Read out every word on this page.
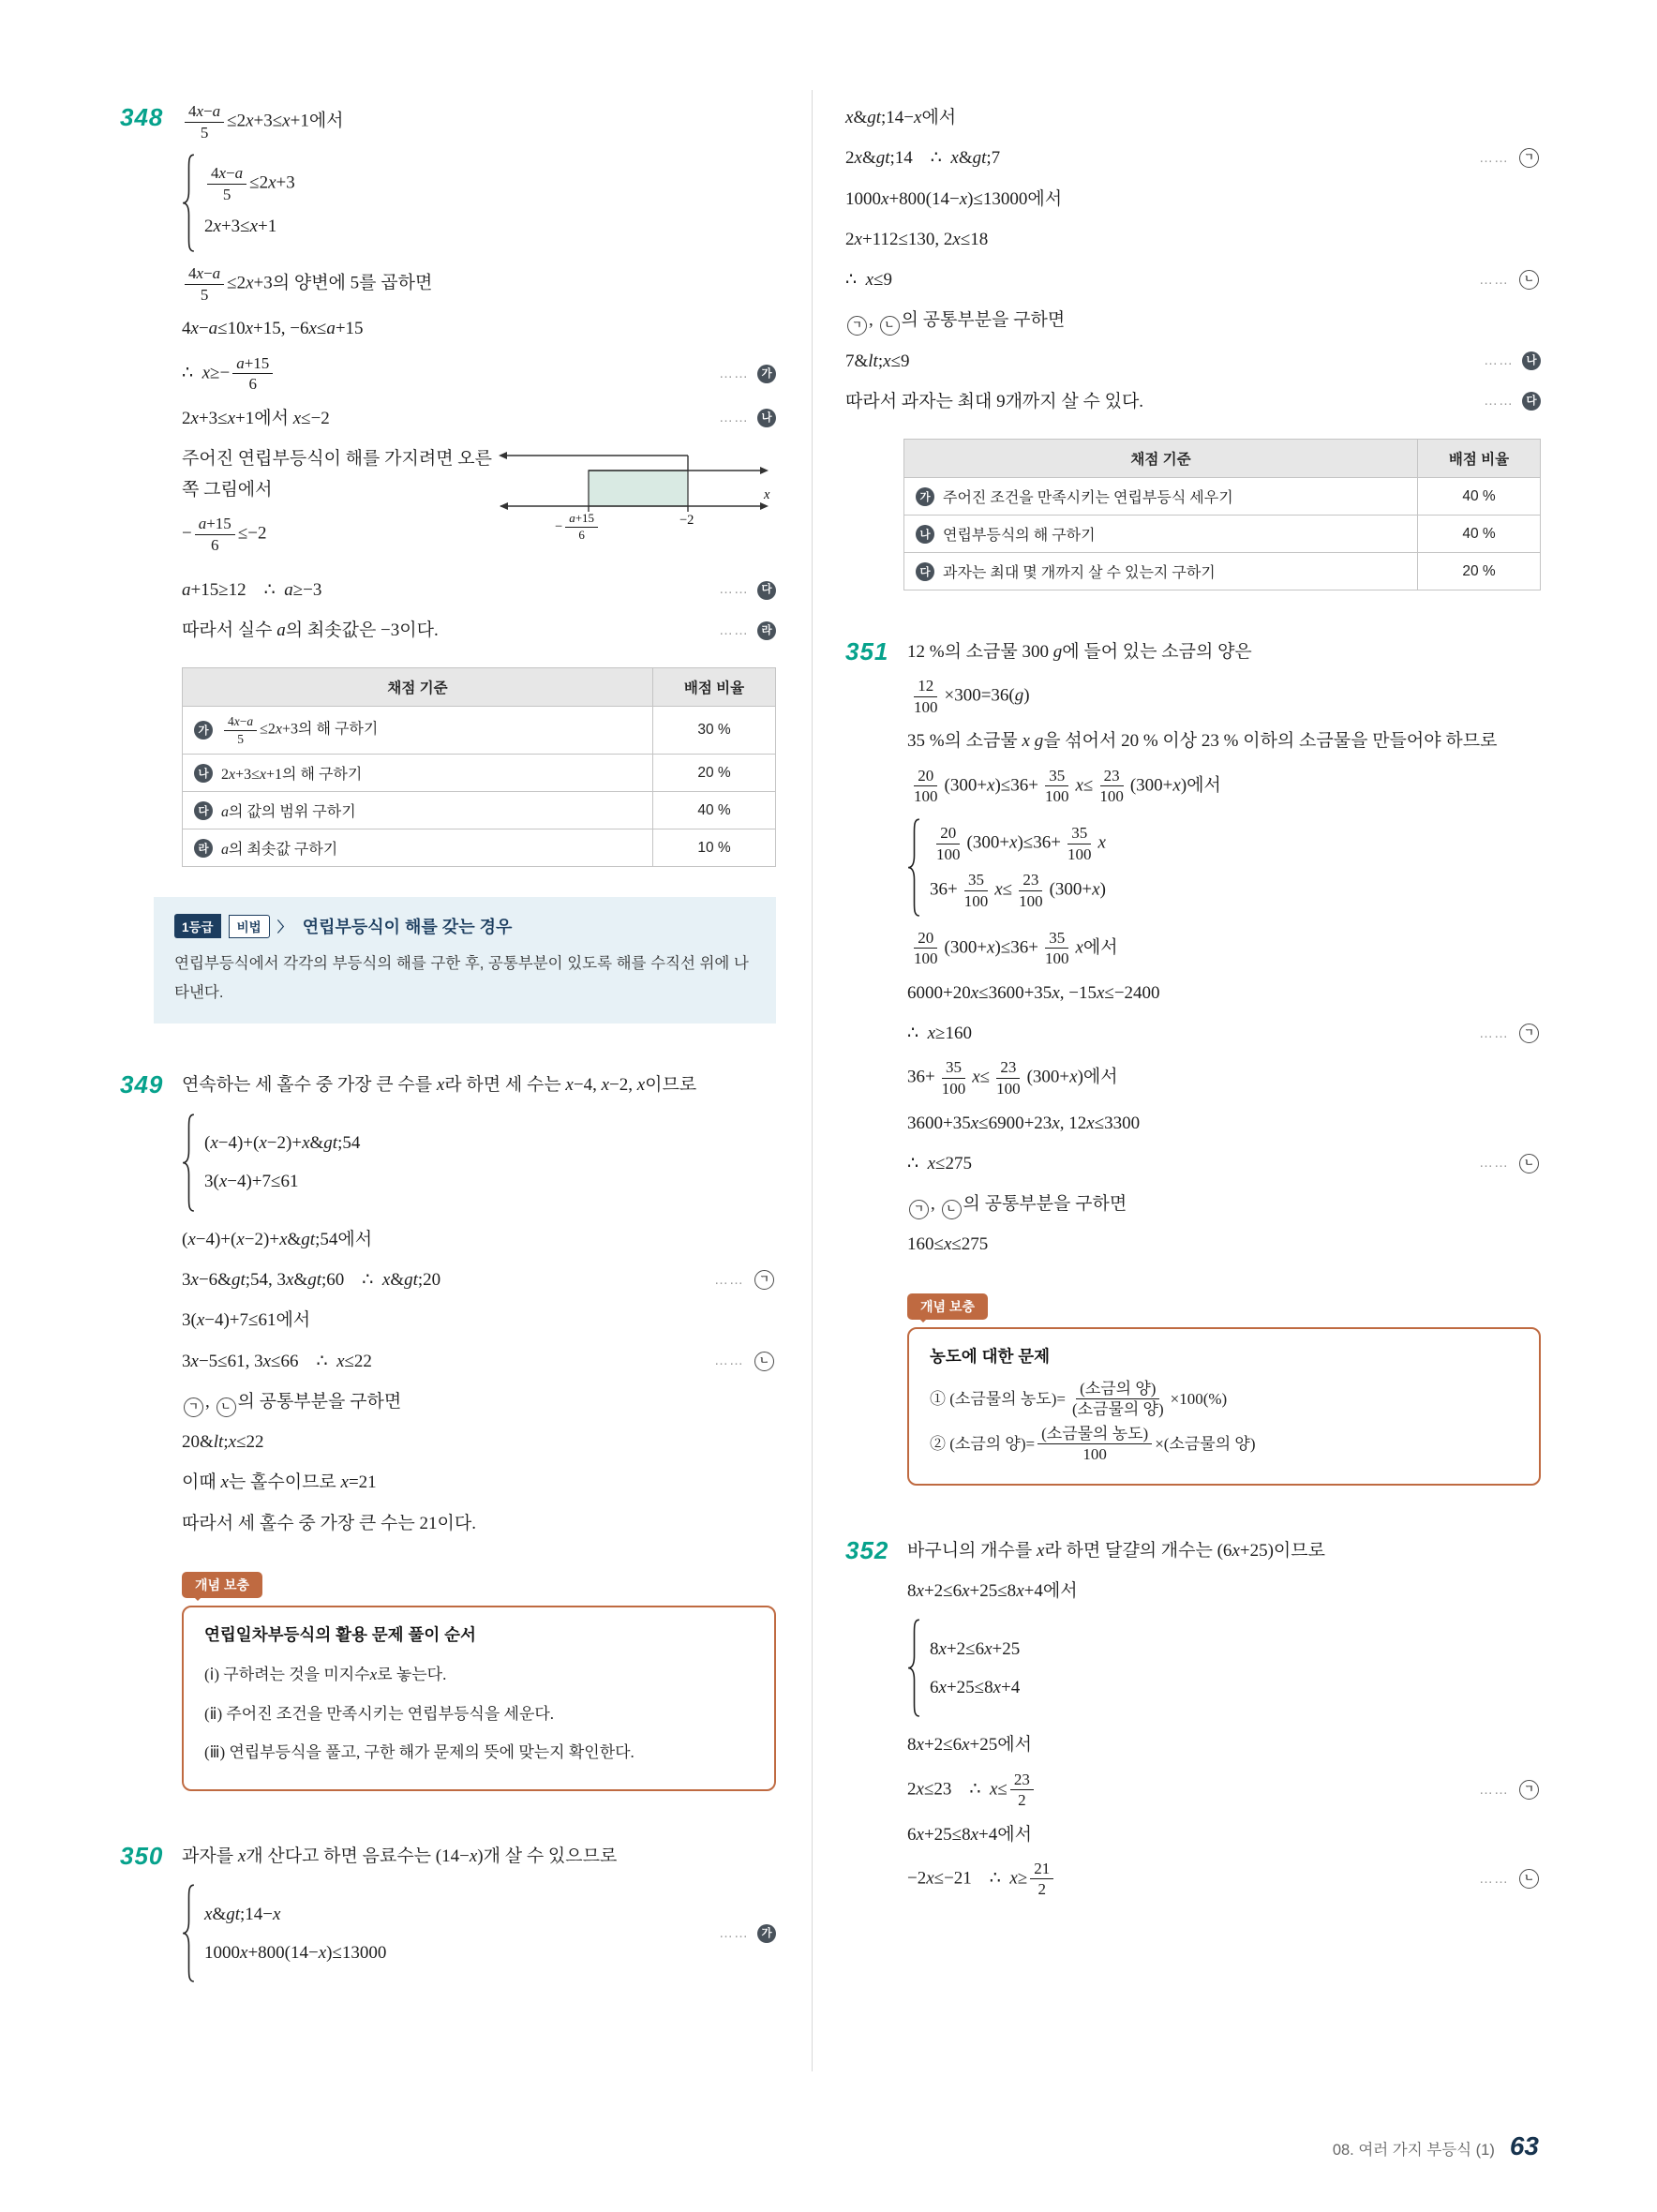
348	$\frac{4x-a}{5} \le 2x+3\le x+1$에서
$\frac{4x-a}{5} \le 2x+3$
2x+3≤x+1
$\frac{4x-a}{5} \le 2x+3$의 양변에 5를 곱하면
4x−a≤10x+15, −6x≤a+15
∴  $x\ge- \frac{a+15}{6}$	……	가
2x+3≤x+1에서 x≤−2	……	나
주어진 연립부등식이 해를 가지려면 오른쪽 그림에서
− $\frac{a+15}{6} \le-2$	− $\frac{a+15}{6}$	−2
x
a+15≥12    ∴  a≥−3	……	다
따라서 실수 a의 최솟값은 −3이다.	……	라
채점 기준	배점 비율

가 $\frac{4x-a}{5} \le 2x+3$의 해 구하기	30 %

나 2x+3≤x+1의 해 구하기	20 %

다 a의 값의 범위 구하기	40 %

라 a의 최솟값 구하기	10 %
1등급	비법	〉 연립부등식이 해를 갖는 경우
연립부등식에서 각각의 부등식의 해를 구한 후, 공통부분이 있도록 해를 수직선 위에 나타낸다.
349	연속하는 세 홀수 중 가장 큰 수를 x라 하면 세 수는 x−4, x−2, x이므로
(x−4)+(x−2)+x&gt;54
3(x−4)+7≤61
(x−4)+(x−2)+x&gt;54에서
3x−6&gt;54, 3x&gt;60    ∴  x&gt;20	……	ㄱ
3(x−4)+7≤61에서
3x−5≤61, 3x≤66    ∴  x≤22	……	ㄴ
ㄱ , ㄴ 의 공통부분을 구하면
20&lt;x≤22
이때 x는 홀수이므로 x=21
따라서 세 홀수 중 가장 큰 수는 21이다.
개념 보충
연립일차부등식의 활용 문제 풀이 순서
(ⅰ) 구하려는 것을 미지수 x 로 놓는다.
(ⅱ) 주어진 조건을 만족시키는 연립부등식을 세운다.
(ⅲ) 연립부등식을 풀고, 구한 해가 문제의 뜻에 맞는지 확인한다.
350	과자를 x개 산다고 하면 음료수는 (14−x)개 살 수 있으므로
x&gt;14−x
1000x+800(14−x)≤13000
……	가
x&gt;14−x에서
2x&gt;14    ∴  x&gt;7	……	ㄱ
1000x+800(14−x)≤13000에서
2x+112≤130, 2x≤18
∴  x≤9	……	ㄴ
ㄱ , ㄴ 의 공통부분을 구하면
7&lt;x≤9	……	나
따라서 과자는 최대 9개까지 살 수 있다.	……	다
채점 기준	배점 비율

가 주어진 조건을 만족시키는 연립부등식 세우기	40 %

나 연립부등식의 해 구하기	40 %

다 과자는 최대 몇 개까지 살 수 있는지 구하기	20 %
351	12 %의 소금물 300 g에 들어 있는 소금의 양은
$\frac{12}{100} \times 300=36(g)$
35 %의 소금물 x g을 섞어서 20 % 이상 23 % 이하의 소금물을 만들어야 하므로
$\frac{20}{100} (300+x)\le 36+ \frac{35}{100} x\le \frac{23}{100} (300+x)$에서
$\frac{20}{100} (300+x)\le 36+ \frac{35}{100}$ x
$36+ \frac{35}{100} x\le \frac{23}{100} (300+x)$
$\frac{20}{100} (300+x)\le 36+ \frac{35}{100}$ x에서
6000+20x≤3600+35x, −15x≤−2400
∴  x≥160	……	ㄱ
$36+ \frac{35}{100} x\le \frac{23}{100} (300+x)$에서
3600+35x≤6900+23x, 12x≤3300
∴  x≤275	……	ㄴ
ㄱ , ㄴ 의 공통부분을 구하면
160≤x≤275
개념 보충
농도에 대한 문제
① (소금물의 농도)= $\frac{\text{(소금의 양)}}{\text{(소금물의 양)}} \times 100(\%)$
② (소금의 양)= $\frac{\text{(소금물의 농도)}}{100}$ ×(소금물의 양)
352	바구니의 개수를 x라 하면 달걀의 개수는 (6x+25)이므로
8x+2≤6x+25≤8x+4에서
8x+2≤6x+25
6x+25≤8x+4
8x+2≤6x+25에서
2x≤23    ∴  $x\le \frac{23}{2}$	……	ㄱ
6x+25≤8x+4에서
−2x≤−21    ∴  $x\ge \frac{21}{2}$	……	ㄴ
08. 여러 가지 부등식 (1) 63
